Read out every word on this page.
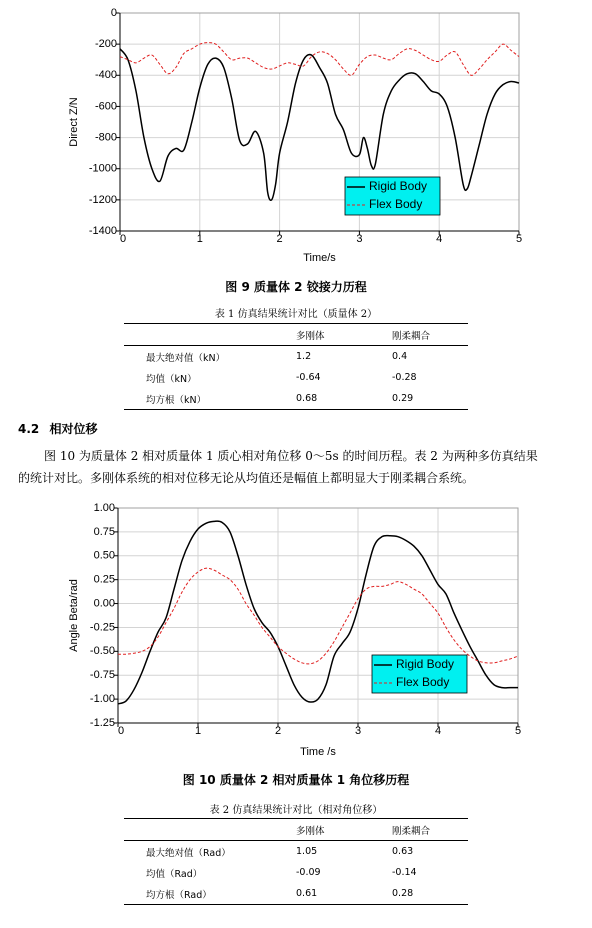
0	1	2	3	4	5
0
-200
-400
-600
-800
-1000
-1200
-1400
Time/s
Direct Z/N
Rigid Body
Flex Body
图 9 质量体 2 铰接力历程
表 1 仿真结果统计对比（质量体 2）
	多刚体	刚柔耦合
最大绝对值（kN）	1.2	0.4
均值（kN）	-0.64	-0.28
均方根（kN）	0.68	0.29
4.2 相对位移
图 10 为质量体 2 相对质量体 1 质心相对角位移 0～5s 的时间历程。表 2 为两种多仿真结果
的统计对比。多刚体系统的相对位移无论从均值还是幅值上都明显大于刚柔耦合系统。
0	1	2	3	4	5
1.00
0.75
0.50
0.25
0.00
-0.25
-0.50
-0.75
-1.00
-1.25
Time /s
Angle Beta/rad
Rigid Body
Flex Body
图 10 质量体 2 相对质量体 1 角位移历程
表 2 仿真结果统计对比（相对角位移）
	多刚体	刚柔耦合
最大绝对值（Rad）	1.05	0.63
均值（Rad）	-0.09	-0.14
均方根（Rad）	0.61	0.28
